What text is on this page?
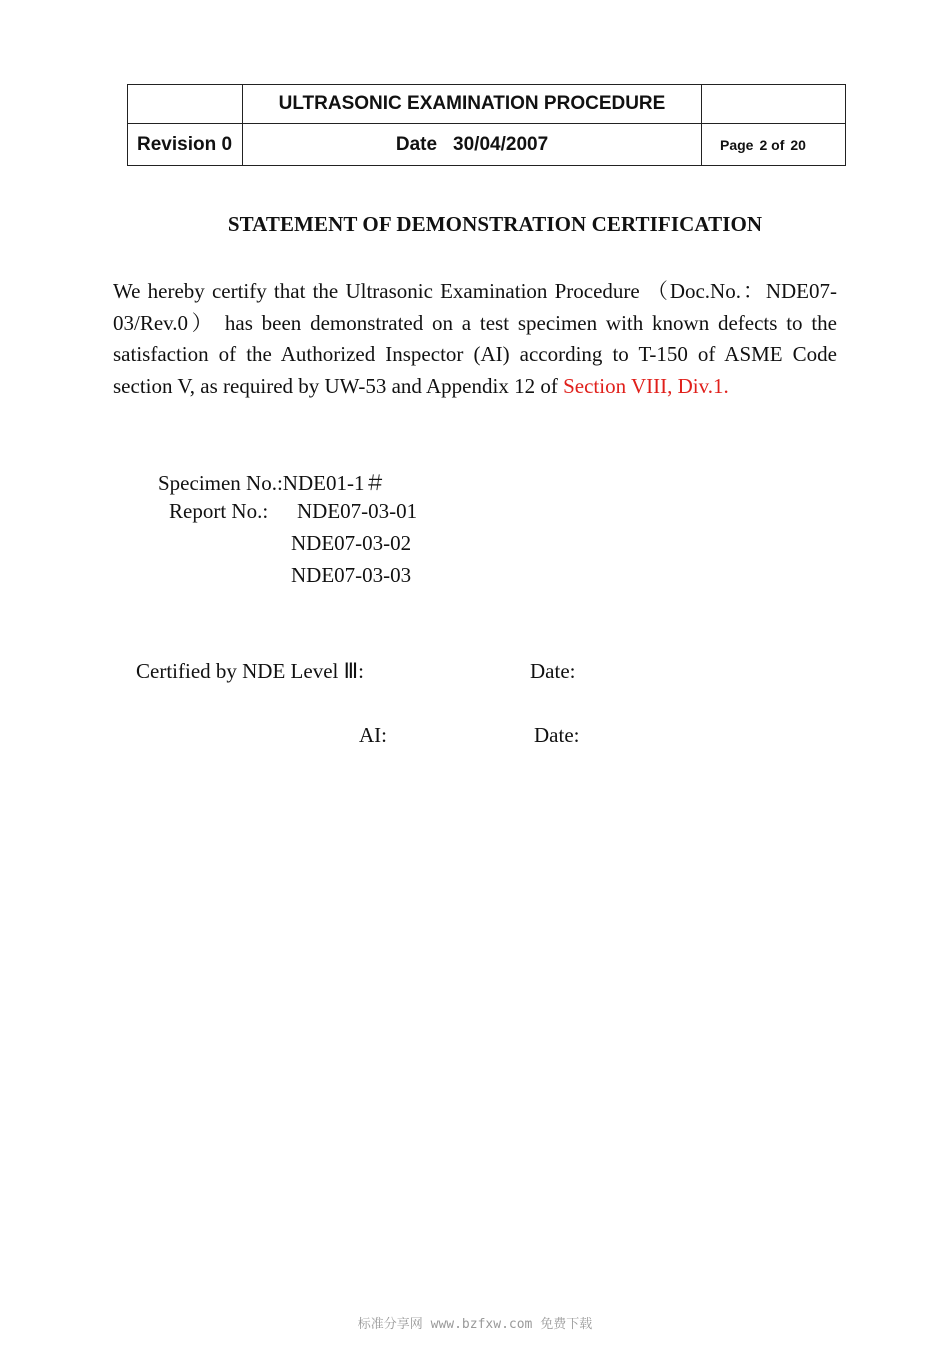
	ULTRASONIC EXAMINATION PROCEDURE	
Revision 0	Date 30/04/2007	Page 2 of 20
STATEMENT OF DEMONSTRATION CERTIFICATION
We hereby certify that the Ultrasonic Examination Procedure （Doc.No.：NDE07-03/Rev.0） has been demonstrated on a test specimen with known defects to the satisfaction of the Authorized Inspector (AI) according to T-150 of ASME Code section V, as required by UW-53 and Appendix 12 of Section VIII, Div.1.
Specimen No.:NDE01-1＃
Report No.: NDE07-03-01
NDE07-03-02
NDE07-03-03
Certified by NDE Level Ⅲ:	Date:
AI:	Date:
标准分享网 www.bzfxw.com 免费下载
